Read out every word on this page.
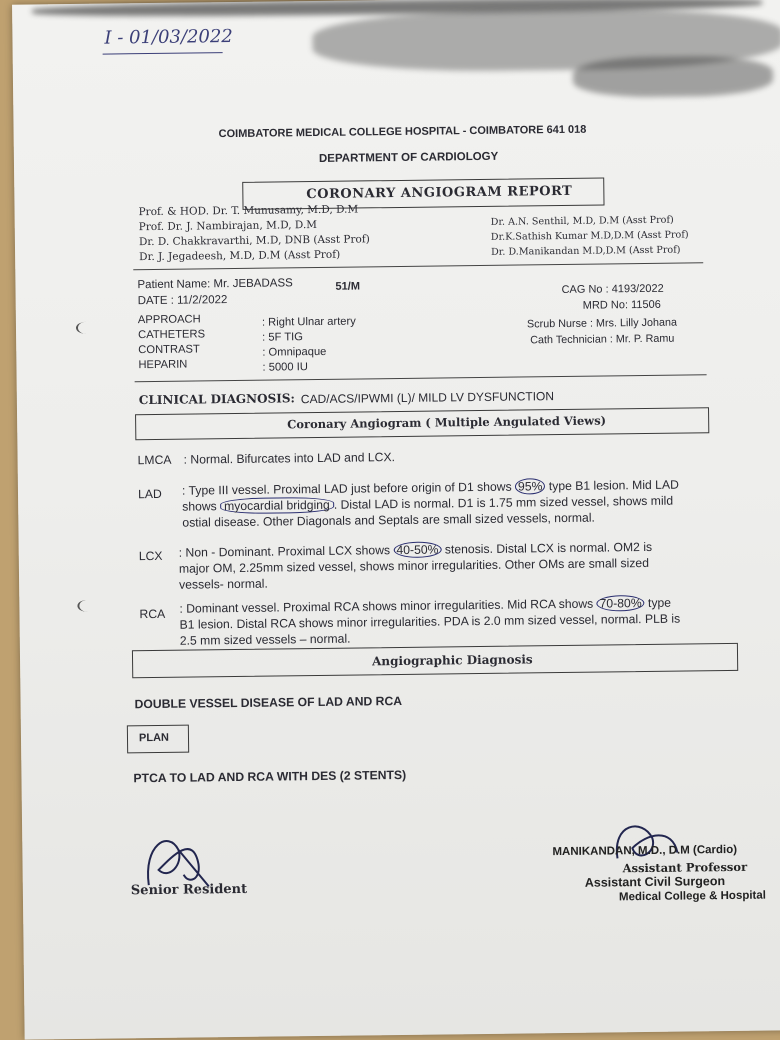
I - 01/03/2022
COIMBATORE MEDICAL COLLEGE HOSPITAL - COIMBATORE 641 018
DEPARTMENT OF CARDIOLOGY
CORONARY ANGIOGRAM REPORT
Prof. & HOD. Dr. T. Munusamy, M.D, D.M
Prof. Dr. J. Nambirajan, M.D, D.M
Dr. D. Chakkravarthi, M.D, DNB (Asst Prof)
Dr. J. Jegadeesh, M.D, D.M (Asst Prof)
Dr. A.N. Senthil, M.D, D.M (Asst Prof)
Dr.K.Sathish Kumar M.D,D.M (Asst Prof)
Dr. D.Manikandan M.D,D.M (Asst Prof)
Patient Name: Mr. JEBADASS	51/M
DATE : 11/2/2022
CAG No : 4193/2022
MRD No: 11506
APPROACH
CATHETERS
CONTRAST
HEPARIN
: Right Ulnar artery
: 5F TIG
: Omnipaque
: 5000 IU
Scrub Nurse : Mrs. Lilly Johana
Cath Technician : Mr. P. Ramu
CLINICAL DIAGNOSIS: CAD/ACS/IPWMI (L)/ MILD LV DYSFUNCTION
Coronary Angiogram ( Multiple Angulated Views)
LMCA : Normal. Bifurcates into LAD and LCX.
LAD : Type III vessel. Proximal LAD just before origin of D1 shows 95% type B1 lesion. Mid LAD shows myocardial bridging . Distal LAD is normal. D1 is 1.75 mm sized vessel, shows mild ostial disease. Other Diagonals and Septals are small sized vessels, normal.
LCX : Non - Dominant. Proximal LCX shows 40-50% stenosis. Distal LCX is normal. OM2 is major OM, 2.25mm sized vessel, shows minor irregularities. Other OMs are small sized vessels- normal.
RCA : Dominant vessel. Proximal RCA shows minor irregularities. Mid RCA shows 70-80% type B1 lesion. Distal RCA shows minor irregularities. PDA is 2.0 mm sized vessel, normal. PLB is 2.5 mm sized vessels – normal.
Angiographic Diagnosis
DOUBLE VESSEL DISEASE OF LAD AND RCA
PLAN
PTCA TO LAD AND RCA WITH DES (2 STENTS)
Senior Resident
MANIKANDAN, M.D., D.M (Cardio)
Assistant Professor
Assistant Civil Surgeon
Medical College & Hospital
